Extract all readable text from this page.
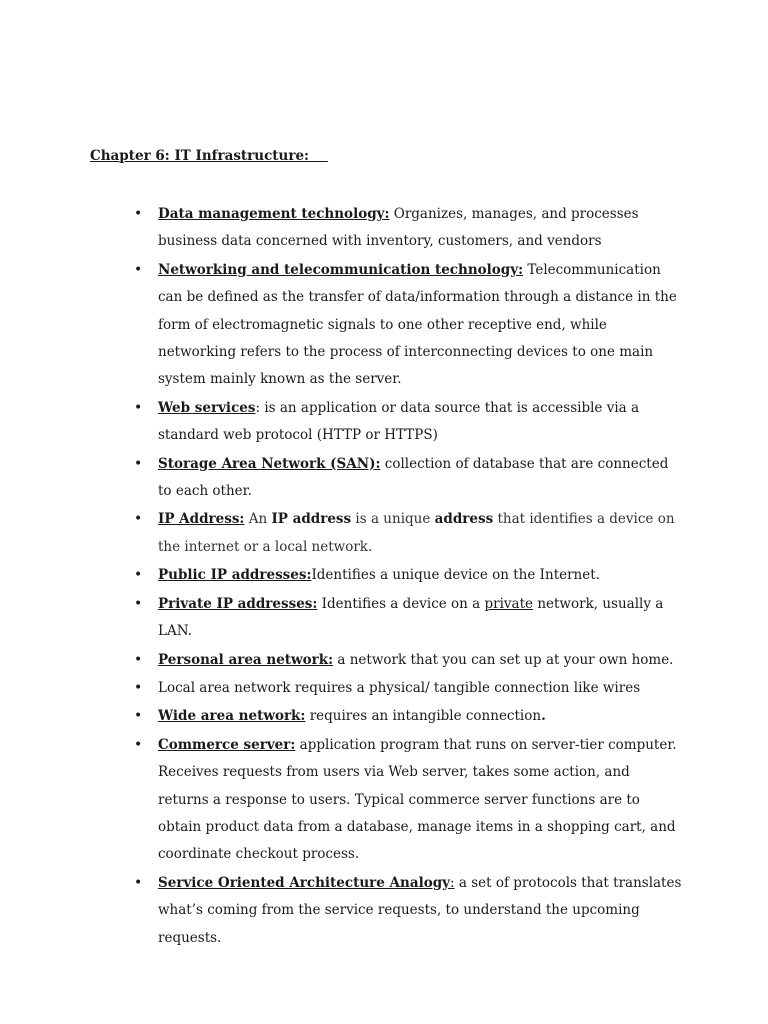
Chapter 6: IT Infrastructure:
• Data management technology: Organizes, manages, and processes business data concerned with inventory, customers, and vendors
• Networking and telecommunication technology: Telecommunication can be defined as the transfer of data/information through a distance in the form of electromagnetic signals to one other receptive end, while networking refers to the process of interconnecting devices to one main system mainly known as the server.
• Web services: is an application or data source that is accessible via a standard web protocol (HTTP or HTTPS)
• Storage Area Network (SAN): collection of database that are connected to each other.
• IP Address: An IP address is a unique address that identifies a device on the internet or a local network.
• Public IP addresses:Identifies a unique device on the Internet.
• Private IP addresses: Identifies a device on a private network, usually a LAN.
• Personal area network: a network that you can set up at your own home.
• Local area network requires a physical/ tangible connection like wires
• Wide area network: requires an intangible connection.
• Commerce server: application program that runs on server-tier computer. Receives requests from users via Web server, takes some action, and returns a response to users. Typical commerce server functions are to obtain product data from a database, manage items in a shopping cart, and coordinate checkout process.
• Service Oriented Architecture Analogy: a set of protocols that translates what’s coming from the service requests, to understand the upcoming requests.
